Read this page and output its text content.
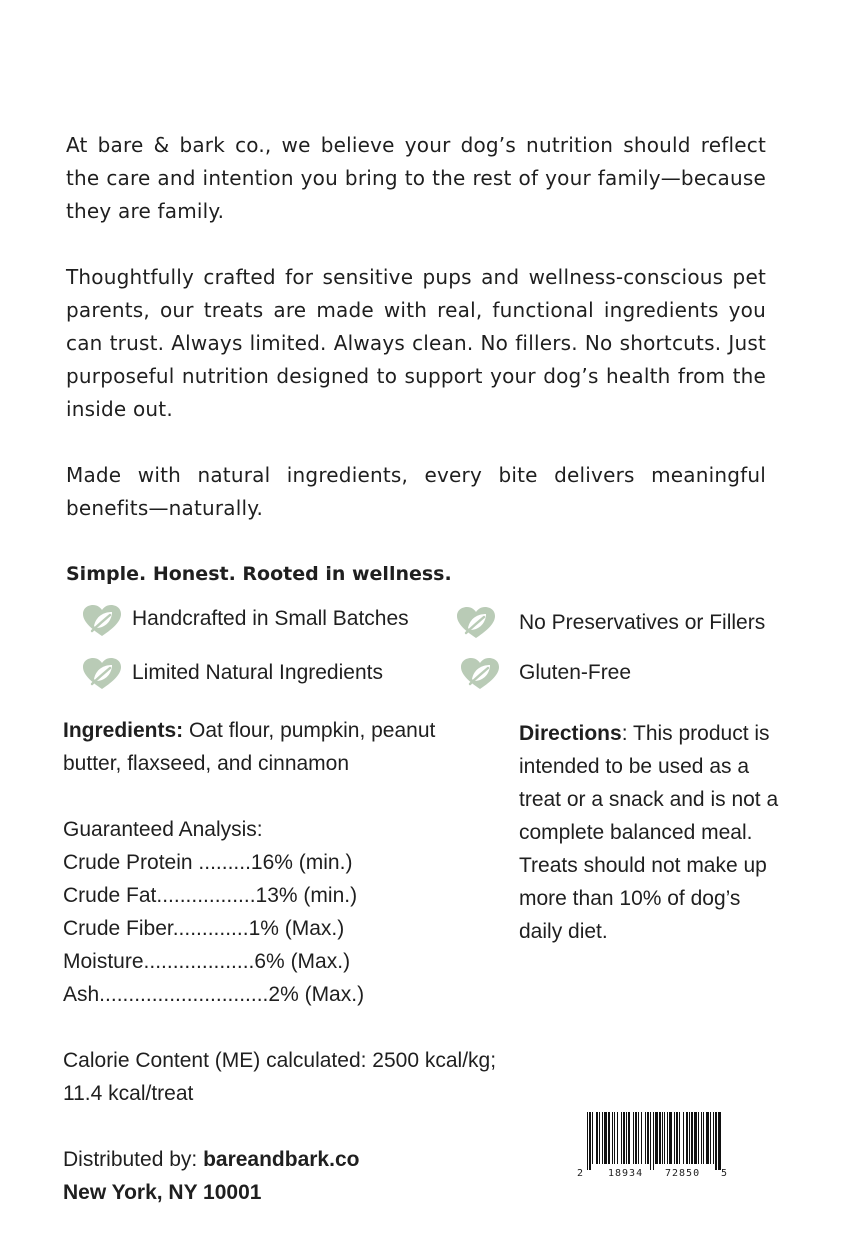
At bare & bark co., we believe your dog’s nutrition should reflect the care and intention you bring to the rest of your family—because they are family.

Thoughtfully crafted for sensitive pups and wellness-conscious pet parents, our treats are made with real, functional ingredients you can trust. Always limited. Always clean. No fillers. No shortcuts. Just purposeful nutrition designed to support your dog’s health from the inside out.

Made with natural ingredients, every bite delivers meaningful benefits—naturally.

Simple. Honest. Rooted in wellness.

Handcrafted in Small Batches	No Preservatives or Fillers
Limited Natural Ingredients	Gluten-Free
Ingredients: Oat flour, pumpkin, peanut butter, flaxseed, and cinnamon
Directions: This product is intended to be used as a treat or a snack and is not a complete balanced meal. Treats should not make up more than 10% of dog’s daily diet.
Guaranteed Analysis:
Crude Protein .........16% (min.)
Crude Fat.................13% (min.)
Crude Fiber.............1% (Max.)
Moisture...................6% (Max.)
Ash.............................2% (Max.)
Calorie Content (ME) calculated: 2500 kcal/kg;
11.4 kcal/treat
Distributed by: bareandbark.co
New York, NY 10001
2 18934 72850 5
